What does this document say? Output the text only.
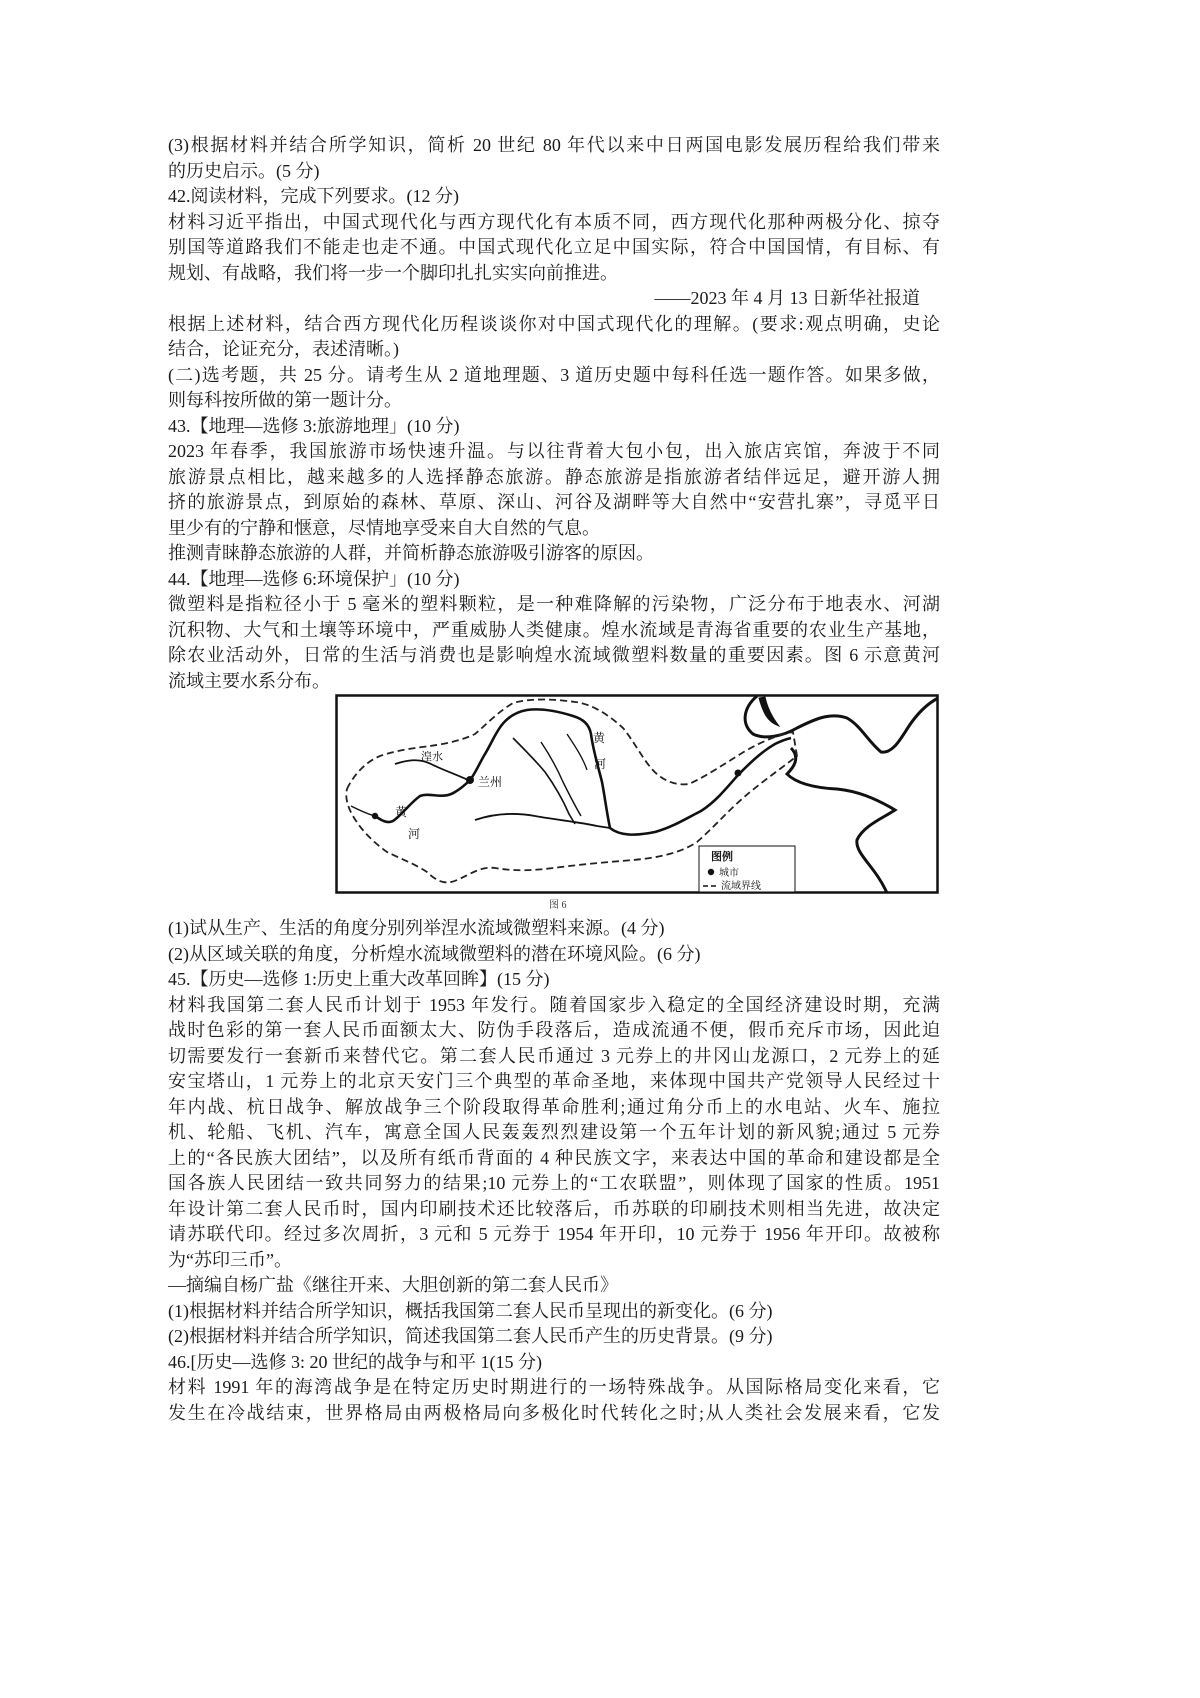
(3)根据材料并结合所学知识，简析 20 世纪 80 年代以来中日两国电影发展历程给我们带来
的历史启示。(5 分)
42.阅读材料，完成下列要求。(12 分)
材料习近平指出，中国式现代化与西方现代化有本质不同，西方现代化那种两极分化、掠夺
别国等道路我们不能走也走不通。中国式现代化立足中国实际，符合中国国情，有目标、有
规划、有战略，我们将一步一个脚印扎扎实实向前推进。
——2023 年 4 月 13 日新华社报道
根据上述材料，结合西方现代化历程谈谈你对中国式现代化的理解。(要求:观点明确，史论
结合，论证充分，表述清晰。)
(二)选考题，共 25 分。请考生从 2 道地理题、3 道历史题中每科任选一题作答。如果多做，
则每科按所做的第一题计分。
43.【地理—选修 3:旅游地理」(10 分)
2023 年春季，我国旅游市场快速升温。与以往背着大包小包，出入旅店宾馆，奔波于不同
旅游景点相比，越来越多的人选择静态旅游。静态旅游是指旅游者结伴远足，避开游人拥
挤的旅游景点，到原始的森林、草原、深山、河谷及湖畔等大自然中“安营扎寨”，寻觅平日
里少有的宁静和惬意，尽情地享受来自大自然的气息。
推测青睐静态旅游的人群，并简析静态旅游吸引游客的原因。
44.【地理—选修 6:环境保护」(10 分)
微塑料是指粒径小于 5 毫米的塑料颗粒，是一种难降解的污染物，广泛分布于地表水、河湖
沉积物、大气和土壤等环境中，严重威胁人类健康。煌水流域是青海省重要的农业生产基地，
除农业活动外，日常的生活与消费也是影响煌水流域微塑料数量的重要因素。图 6 示意黄河
流域主要水系分布。
湟水
兰州
黄
河
黄
河
图例
城市
流域界线
图 6
(1)试从生产、生活的角度分别列举涅水流域微塑料来源。(4 分)
(2)从区域关联的角度，分析煌水流域微塑料的潜在环境风险。(6 分)
45.【历史—选修 1:历史上重大改革回眸】(15 分)
材料我国第二套人民币计划于 1953 年发行。随着国家步入稳定的全国经济建设时期，充满
战时色彩的第一套人民币面额太大、防伪手段落后，造成流通不便，假币充斥市场，因此迫
切需要发行一套新币来替代它。第二套人民币通过 3 元券上的井冈山龙源口，2 元券上的延
安宝塔山，1 元券上的北京天安门三个典型的革命圣地，来体现中国共产党领导人民经过十
年内战、杭日战争、解放战争三个阶段取得革命胜利;通过角分币上的水电站、火车、施拉
机、轮船、飞机、汽车，寓意全国人民轰轰烈烈建设第一个五年计划的新风貌;通过 5 元券
上的“各民族大团结”，以及所有纸币背面的 4 种民族文字，来表达中国的革命和建设都是全
国各族人民团结一致共同努力的结果;10 元券上的“工农联盟”，则体现了国家的性质。1951
年设计第二套人民币时，国内印刷技术还比较落后，币苏联的印刷技术则相当先进，故决定
请苏联代印。经过多次周折，3 元和 5 元券于 1954 年开印，10 元券于 1956 年开印。故被称
为“苏印三币”。
—摘编自杨广盐《继往开来、大胆创新的第二套人民币》
(1)根据材料并结合所学知识，概括我国第二套人民币呈现出的新变化。(6 分)
(2)根据材料并结合所学知识，简述我国第二套人民币产生的历史背景。(9 分)
46.[历史—选修 3: 20 世纪的战争与和平 1(15 分)
材料 1991 年的海湾战争是在特定历史时期进行的一场特殊战争。从国际格局变化来看，它
发生在冷战结束，世界格局由两极格局向多极化时代转化之时;从人类社会发展来看，它发
